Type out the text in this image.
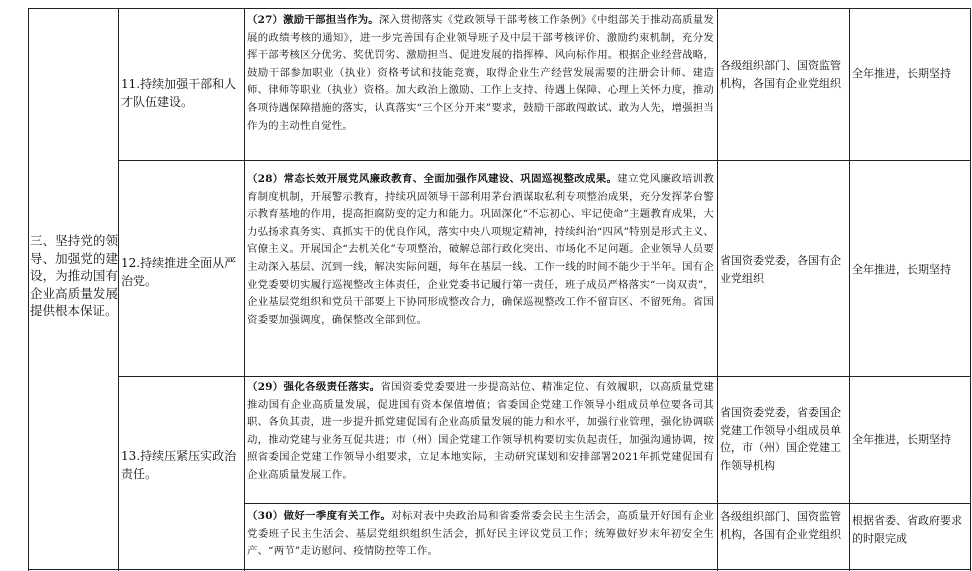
三、坚持党的领导、加强党的建设，为推动国有企业高质量发展提供根本保证。
11.持续加强干部和人才队伍建设。
（27）激励干部担当作为。深入贯彻落实《党政领导干部考核工作条例》《中组部关于推动高质量发展的政绩考核的通知》，进一步完善国有企业领导班子及中层干部考核评价、激励约束机制，充分发挥干部考核区分优劣、奖优罚劣、激励担当、促进发展的指挥棒、风向标作用。根据企业经营战略，鼓励干部参加职业（执业）资格考试和技能竞赛，取得企业生产经营发展需要的注册会计师、建造师、律师等职业（执业）资格。加大政治上激励、工作上支持、待遇上保障、心理上关怀力度，推动各项待遇保障措施的落实，认真落实“三个区分开来”要求，鼓励干部敢闯敢试、敢为人先，增强担当作为的主动性自觉性。
各级组织部门、国资监管机构，各国有企业党组织
全年推进，长期坚持
12.持续推进全面从严治党。
（28）常态长效开展党风廉政教育、全面加强作风建设、巩固巡视整改成果。建立党风廉政培训教育制度机制，开展警示教育，持续巩固领导干部利用茅台酒谋取私利专项整治成果，充分发挥茅台警示教育基地的作用，提高拒腐防变的定力和能力。巩固深化“不忘初心、牢记使命”主题教育成果，大力弘扬求真务实、真抓实干的优良作风，落实中央八项规定精神，持续纠治“四风”特别是形式主义、官僚主义。开展国企“去机关化”专项整治，破解总部行政化突出、市场化不足问题。企业领导人员要主动深入基层、沉到一线，解决实际问题，每年在基层一线、工作一线的时间不能少于半年。国有企业党委要切实履行巡视整改主体责任，企业党委书记履行第一责任，班子成员严格落实“一岗双责”，企业基层党组织和党员干部要上下协同形成整改合力，确保巡视整改工作不留盲区、不留死角。省国资委要加强调度，确保整改全部到位。
省国资委党委，各国有企业党组织
全年推进，长期坚持
13.持续压紧压实政治责任。
（29）强化各级责任落实。省国资委党委要进一步提高站位、精准定位、有效履职，以高质量党建推动国有企业高质量发展，促进国有资本保值增值；省委国企党建工作领导小组成员单位要各司其职、各负其责，进一步提升抓党建促国有企业高质量发展的能力和水平，加强行业管理，强化协调联动，推动党建与业务互促共进；市（州）国企党建工作领导机构要切实负起责任，加强沟通协调，按照省委国企党建工作领导小组要求，立足本地实际，主动研究谋划和安排部署2021年抓党建促国有企业高质量发展工作。
省国资委党委，省委国企党建工作领导小组成员单位，市（州）国企党建工作领导机构
全年推进，长期坚持
（30）做好一季度有关工作。对标对表中央政治局和省委常委会民主生活会，高质量开好国有企业党委班子民主生活会、基层党组织组织生活会，抓好民主评议党员工作；统筹做好岁末年初安全生产、“两节”走访慰问、疫情防控等工作。
各级组织部门、国资监管机构，各国有企业党组织
根据省委、省政府要求的时限完成
